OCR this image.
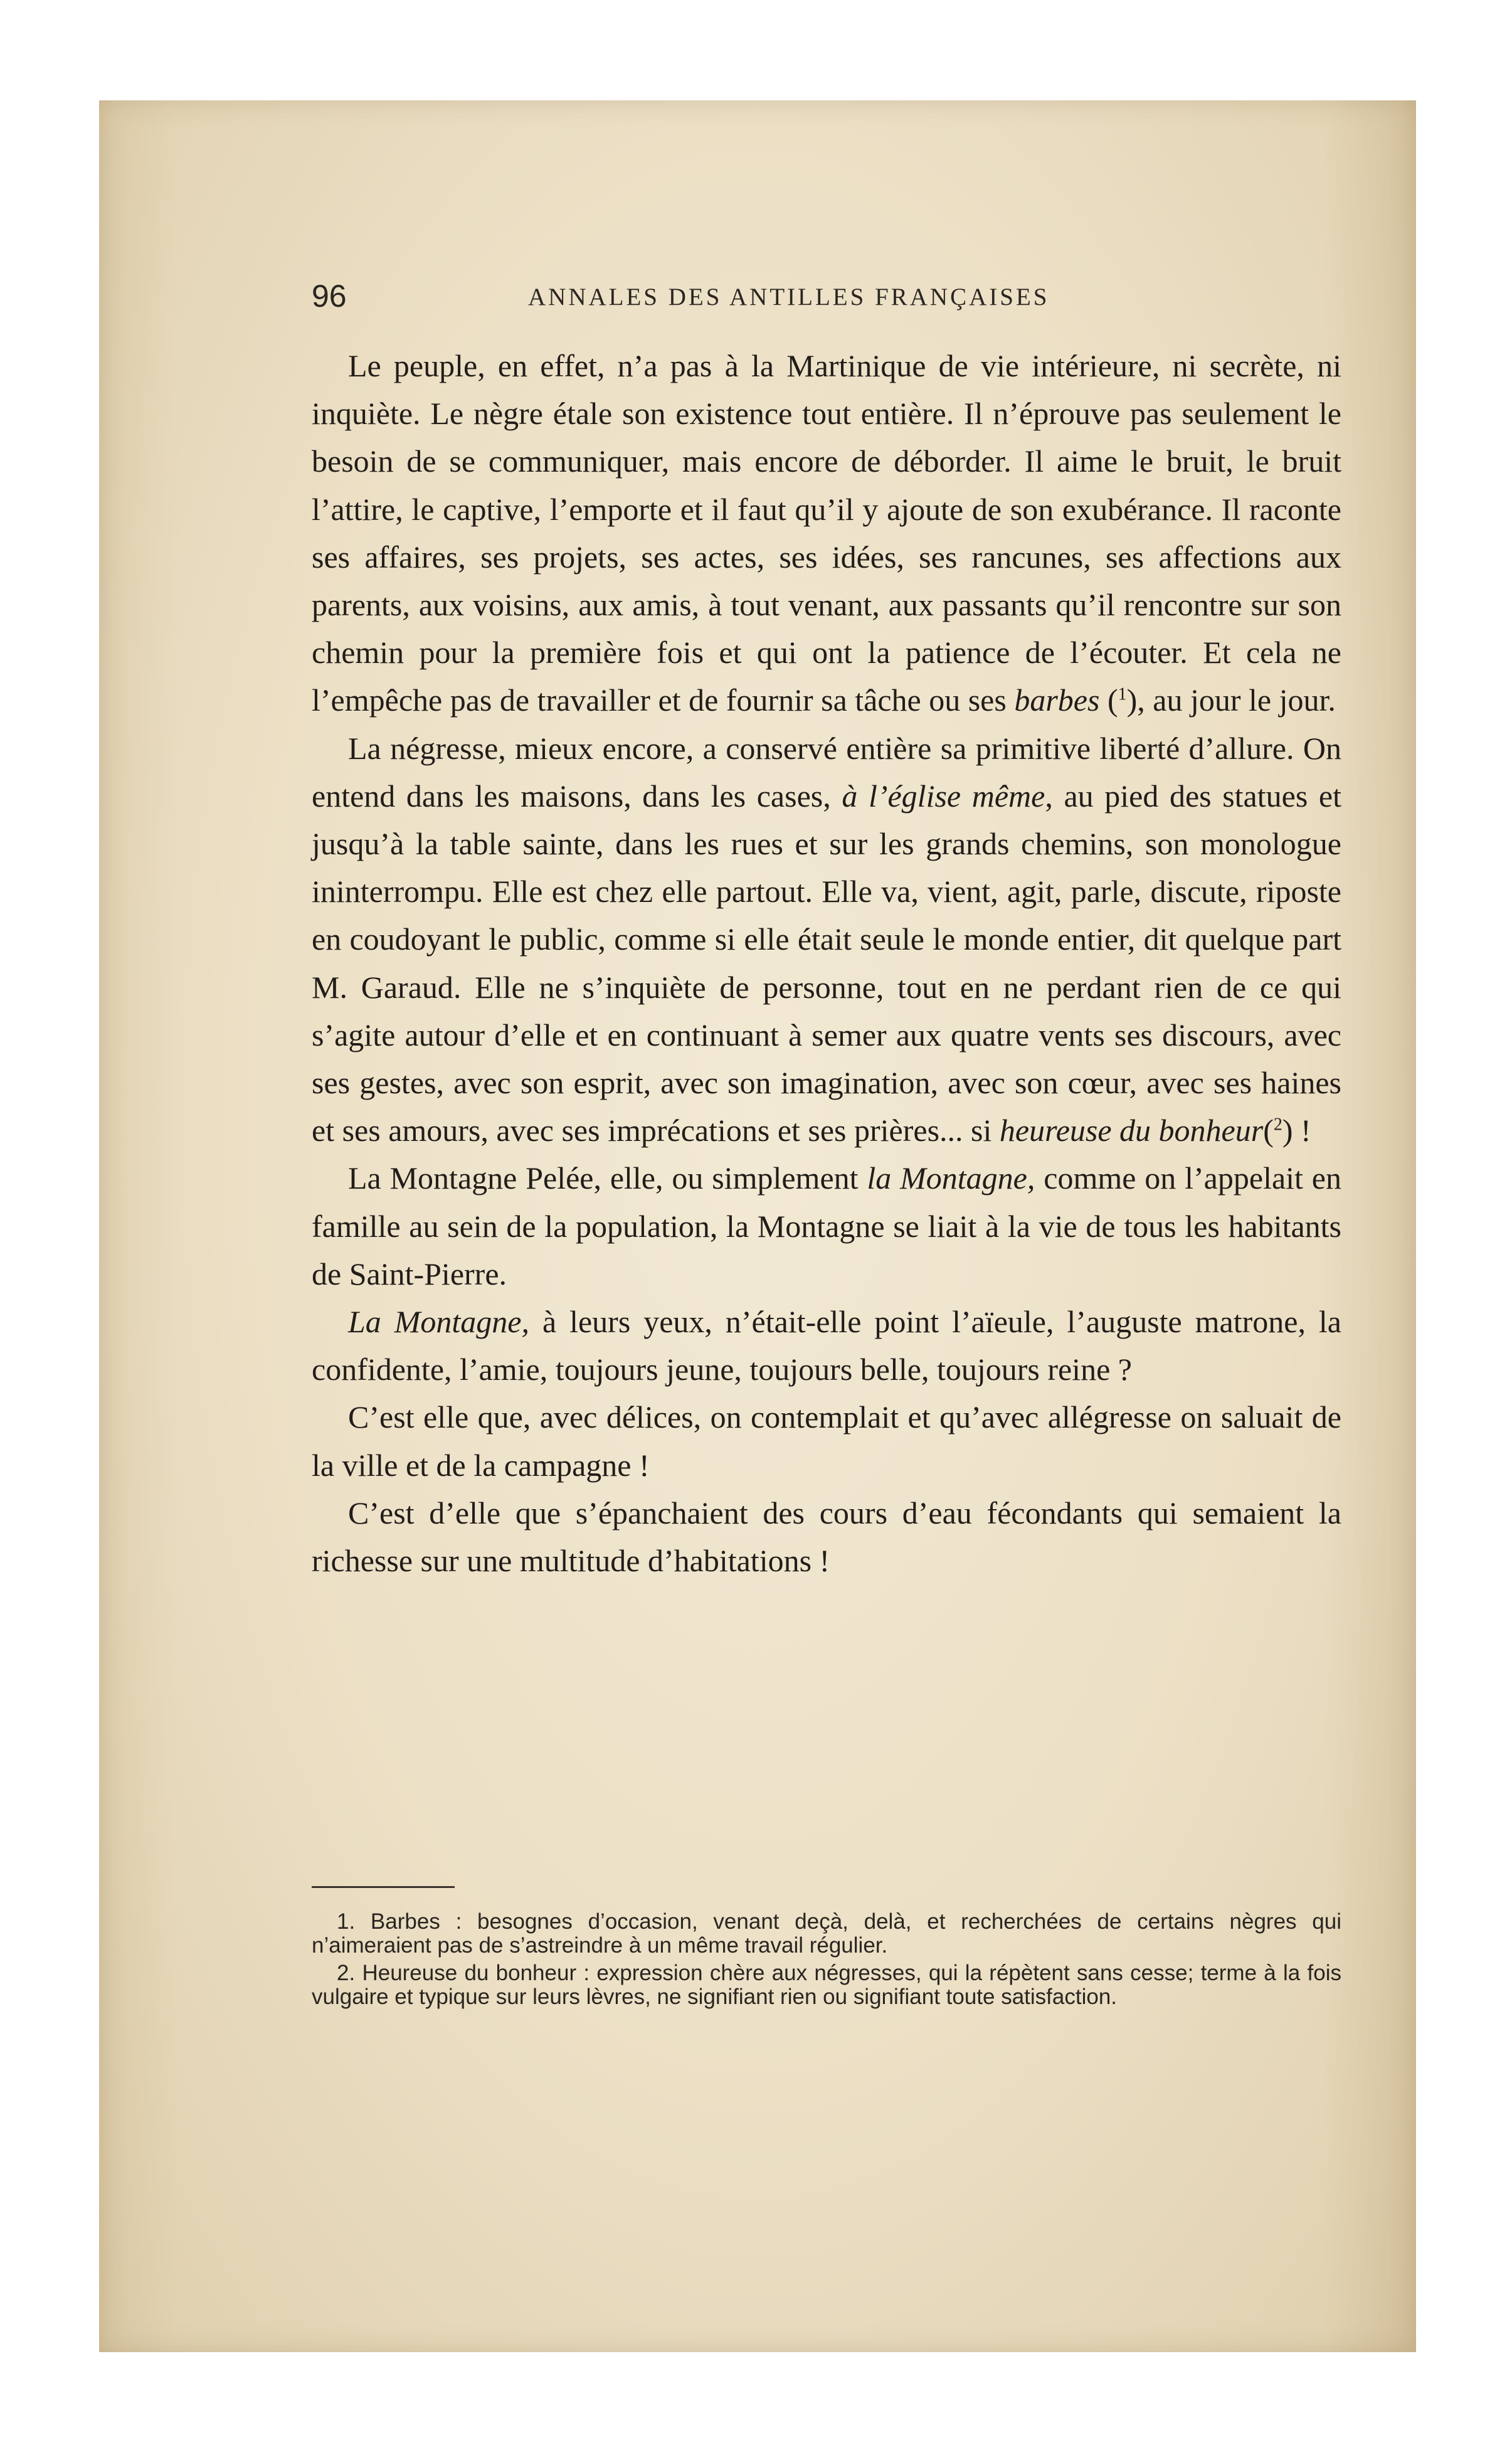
96	ANNALES DES ANTILLES FRANÇAISES

Le peuple, en effet, n’a pas à la Martinique de vie intérieure, ni secrète, ni inquiète. Le nègre étale son existence tout entière. Il n’éprouve pas seulement le besoin de se communiquer, mais encore de déborder. Il aime le bruit, le bruit l’attire, le captive, l’emporte et il faut qu’il y ajoute de son exubérance. Il raconte ses affaires, ses projets, ses actes, ses idées, ses rancunes, ses affections aux parents, aux voisins, aux amis, à tout venant, aux passants qu’il rencontre sur son chemin pour la première fois et qui ont la patience de l’écouter. Et cela ne l’empêche pas de travailler et de fournir sa tâche ou ses barbes ($^1$), au jour le jour.

La négresse, mieux encore, a conservé entière sa primitive liberté d’allure. On entend dans les maisons, dans les cases, à l’église même, au pied des statues et jusqu’à la table sainte, dans les rues et sur les grands chemins, son monologue ininterrompu. Elle est chez elle partout. Elle va, vient, agit, parle, discute, riposte en coudoyant le public, comme si elle était seule le monde entier, dit quelque part M. Garaud. Elle ne s’inquiète de personne, tout en ne perdant rien de ce qui s’agite autour d’elle et en continuant à semer aux quatre vents ses discours, avec ses gestes, avec son esprit, avec son imagination, avec son cœur, avec ses haines et ses amours, avec ses imprécations et ses prières... si heureuse du bonheur($^2$) !

La Montagne Pelée, elle, ou simplement la Montagne, comme on l’appelait en famille au sein de la population, la Montagne se liait à la vie de tous les habitants de Saint-Pierre.

La Montagne, à leurs yeux, n’était-elle point l’aïeule, l’auguste matrone, la confidente, l’amie, toujours jeune, toujours belle, toujours reine ?

C’est elle que, avec délices, on contemplait et qu’avec allégresse on saluait de la ville et de la campagne !

C’est d’elle que s’épanchaient des cours d’eau fécondants qui semaient la richesse sur une multitude d’habitations !

1. Barbes : besognes d’occasion, venant deçà, delà, et recherchées de certains nègres qui n’aimeraient pas de s’astreindre à un même travail régulier.

2. Heureuse du bonheur : expression chère aux négresses, qui la répètent sans cesse; terme à la fois vulgaire et typique sur leurs lèvres, ne signifiant rien ou signifiant toute satisfaction.
